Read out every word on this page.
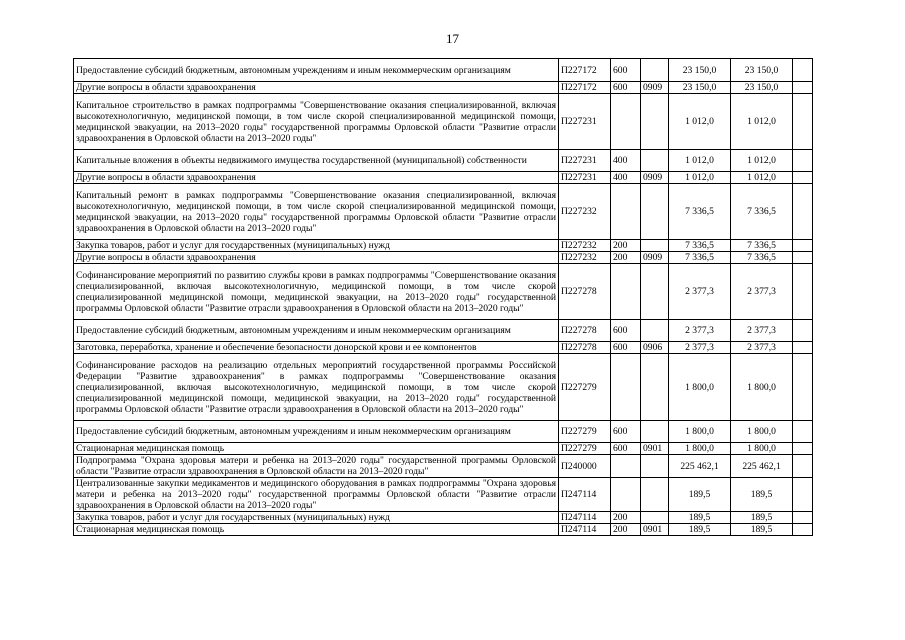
17
Предоставление субсидий бюджетным, автономным учреждениям и иным некоммерческим организациям	П227172	600		23 150,0	23 150,0	
Другие вопросы в области здравоохранения	П227172	600	0909	23 150,0	23 150,0	
Капитальное строительство в рамках подпрограммы "Совершенствование оказания специализированной, включая высокотехнологичную, медицинской помощи, в том числе скорой специализированной медицинской помощи, медицинской эвакуации, на 2013–2020 годы" государственной программы Орловской области "Развитие отрасли здравоохранения в Орловской области на 2013–2020 годы"	П227231			1 012,0	1 012,0	
Капитальные вложения в объекты недвижимого имущества государственной (муниципальной) собственности	П227231	400		1 012,0	1 012,0	
Другие вопросы в области здравоохранения	П227231	400	0909	1 012,0	1 012,0	
Капитальный ремонт в рамках подпрограммы "Совершенствование оказания специализированной, включая высокотехнологичную, медицинской помощи, в том числе скорой специализированной медицинской помощи, медицинской эвакуации, на 2013–2020 годы" государственной программы Орловской области "Развитие отрасли здравоохранения в Орловской области на 2013–2020 годы"	П227232			7 336,5	7 336,5	
Закупка товаров, работ и услуг для государственных (муниципальных) нужд	П227232	200		7 336,5	7 336,5	
Другие вопросы в области здравоохранения	П227232	200	0909	7 336,5	7 336,5	
Софинансирование мероприятий по развитию службы крови в рамках подпрограммы "Совершенствование оказания специализированной, включая высокотехнологичную, медицинской помощи, в том числе скорой специализированной медицинской помощи, медицинской эвакуации, на 2013–2020 годы" государственной программы Орловской области "Развитие отрасли здравоохранения в Орловской области на 2013–2020 годы"	П227278			2 377,3	2 377,3	
Предоставление субсидий бюджетным, автономным учреждениям и иным некоммерческим организациям	П227278	600		2 377,3	2 377,3	
Заготовка, переработка, хранение и обеспечение безопасности донорской крови и ее компонентов	П227278	600	0906	2 377,3	2 377,3	
Софинансирование расходов на реализацию отдельных мероприятий государственной программы Российской Федерации "Развитие здравоохранения" в рамках подпрограммы "Совершенствование оказания специализированной, включая высокотехнологичную, медицинской помощи, в том числе скорой специализированной медицинской помощи, медицинской эвакуации, на 2013–2020 годы" государственной программы Орловской области "Развитие отрасли здравоохранения в Орловской области на 2013–2020 годы"	П227279			1 800,0	1 800,0	
Предоставление субсидий бюджетным, автономным учреждениям и иным некоммерческим организациям	П227279	600		1 800,0	1 800,0	
Стационарная медицинская помощь	П227279	600	0901	1 800,0	1 800,0	
Подпрограмма "Охрана здоровья матери и ребенка на 2013–2020 годы" государственной программы Орловской области "Развитие отрасли здравоохранения в Орловской области на 2013–2020 годы"	П240000			225 462,1	225 462,1	
Централизованные закупки медикаментов и медицинского оборудования в рамках подпрограммы "Охрана здоровья матери и ребенка на 2013–2020 годы" государственной программы Орловской области "Развитие отрасли здравоохранения в Орловской области на 2013–2020 годы"	П247114			189,5	189,5	
Закупка товаров, работ и услуг для государственных (муниципальных) нужд	П247114	200		189,5	189,5	
Стационарная медицинская помощь	П247114	200	0901	189,5	189,5	
